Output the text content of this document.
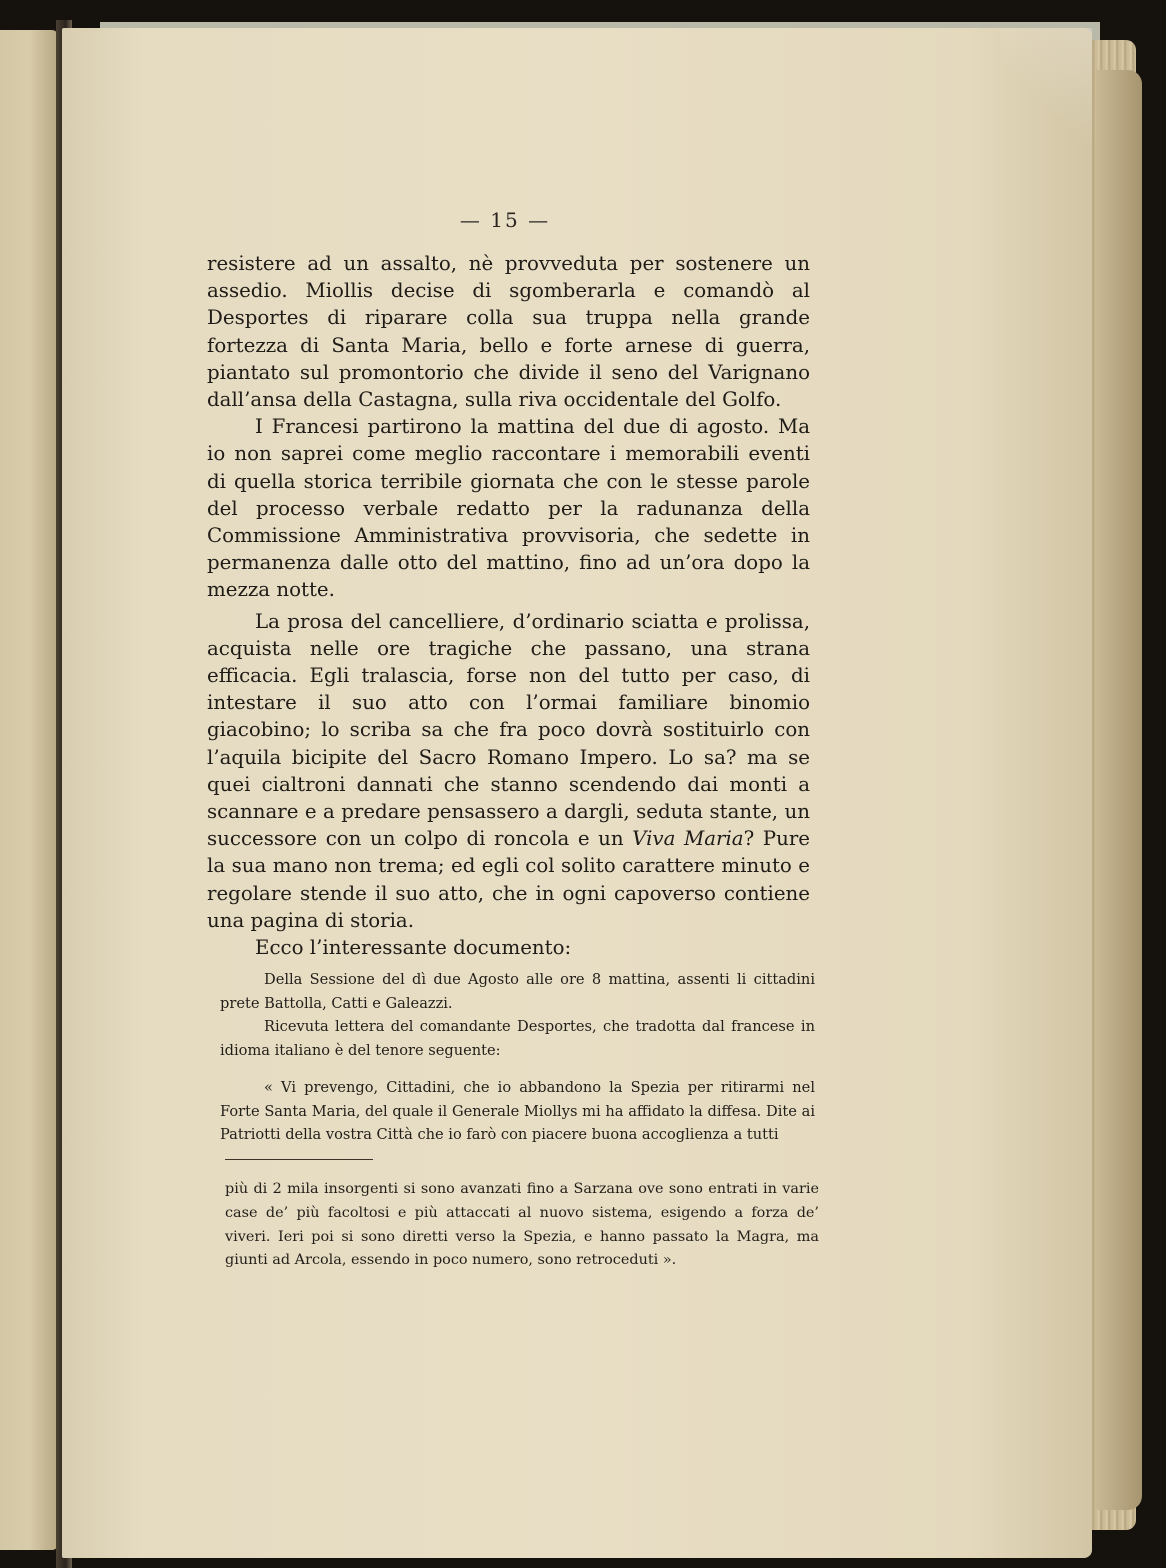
— 15 —

resistere ad un assalto, nè provveduta per sostenere un assedio. Miollis decise di sgomberarla e comandò al Desportes di riparare colla sua truppa nella grande fortezza di Santa Maria, bello e forte arnese di guerra, piantato sul promontorio che divide il seno del Varignano dall’ansa della Castagna, sulla riva occidentale del Golfo.

I Francesi partirono la mattina del due di agosto. Ma io non saprei come meglio raccontare i memorabili eventi di quella storica terribile giornata che con le stesse parole del processo verbale redatto per la radunanza della Commissione Amministrativa provvisoria, che sedette in permanenza dalle otto del mattino, fino ad un’ora dopo la mezza notte.

La prosa del cancelliere, d’ordinario sciatta e prolissa, acquista nelle ore tragiche che passano, una strana efficacia. Egli tralascia, forse non del tutto per caso, di intestare il suo atto con l’ormai familiare binomio giacobino; lo scriba sa che fra poco dovrà sostituirlo con l’aquila bicipite del Sacro Romano Impero. Lo sa? ma se quei cialtroni dannati che stanno scendendo dai monti a scannare e a predare pensassero a dargli, seduta stante, un successore con un colpo di roncola e un Viva Maria? Pure la sua mano non trema; ed egli col solito carattere minuto e regolare stende il suo atto, che in ogni capoverso contiene una pagina di storia.

Ecco l’interessante documento:

Della Sessione del dì due Agosto alle ore 8 mattina, assenti li cittadini prete Battolla, Catti e Galeazzi.

Ricevuta lettera del comandante Desportes, che tradotta dal francese in idioma italiano è del tenore seguente:

« Vi prevengo, Cittadini, che io abbandono la Spezia per ritirarmi nel Forte Santa Maria, del quale il Generale Miollys mi ha affidato la diffesa. Dite ai Patriotti della vostra Città che io farò con piacere buona accoglienza a tutti

più di 2 mila insorgenti si sono avanzati fino a Sarzana ove sono entrati in varie case de’ più facoltosi e più attaccati al nuovo sistema, esigendo a forza de’ viveri. Ieri poi si sono diretti verso la Spezia, e hanno passato la Magra, ma giunti ad Arcola, essendo in poco numero, sono retroceduti ».
